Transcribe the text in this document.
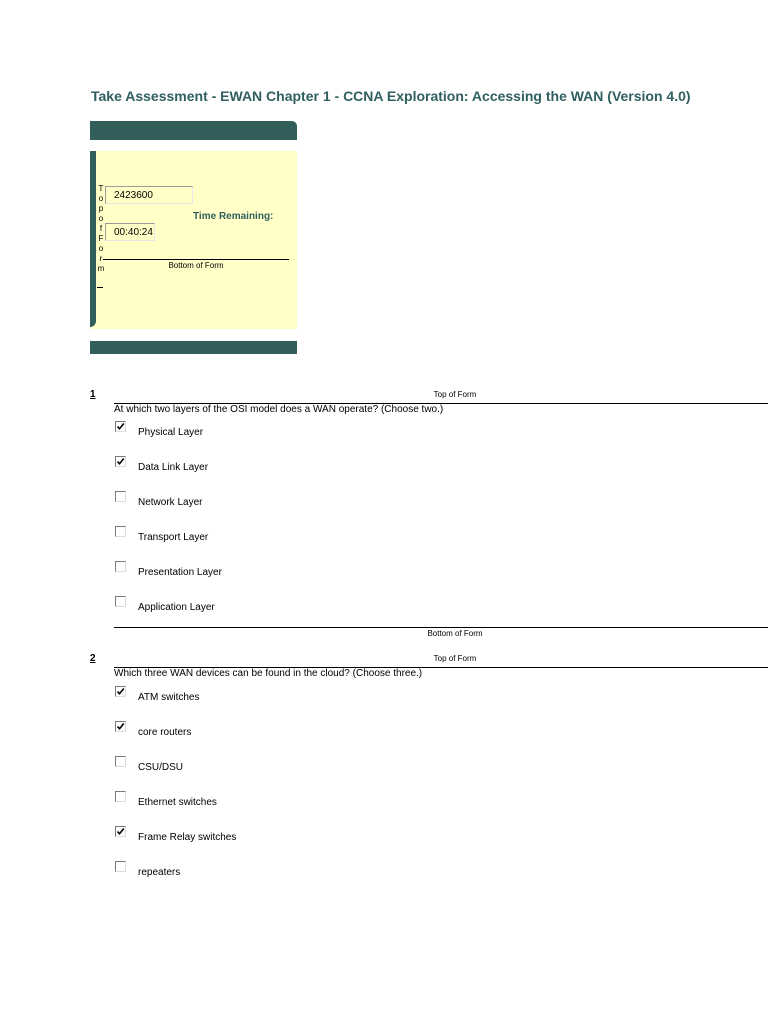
Take Assessment - EWAN Chapter 1 - CCNA Exploration: Accessing the WAN (Version 4.0)
T
o
p
o
f
F
o
r
m
2423600
Time Remaining:
00:40:24
Bottom of Form
1	Top of Form
At which two layers of the OSI model does a WAN operate? (Choose two.)
Physical Layer
Data Link Layer
Network Layer
Transport Layer
Presentation Layer
Application Layer
Bottom of Form
2	Top of Form
Which three WAN devices can be found in the cloud? (Choose three.)
ATM switches
core routers
CSU/DSU
Ethernet switches
Frame Relay switches
repeaters
